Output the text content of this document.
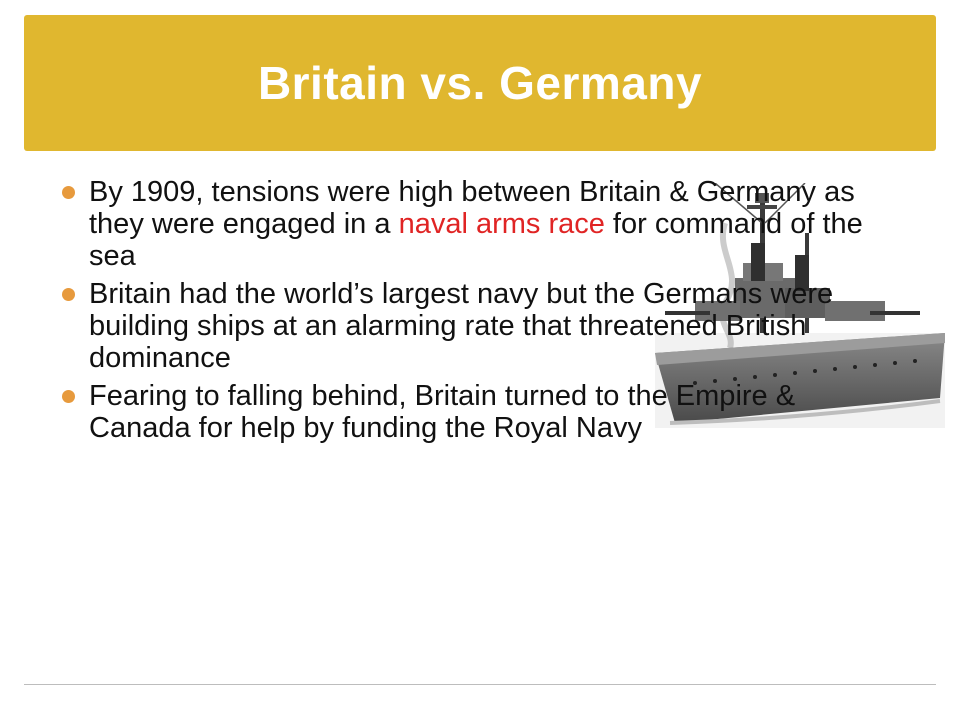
Britain vs. Germany
By 1909, tensions were high between Britain & Germany as they were engaged in a naval arms race for command of the sea
Britain had the world’s largest navy but the Germans were building ships at an alarming rate that threatened British dominance
Fearing to falling behind, Britain turned to the Empire & Canada for help by funding the Royal Navy
